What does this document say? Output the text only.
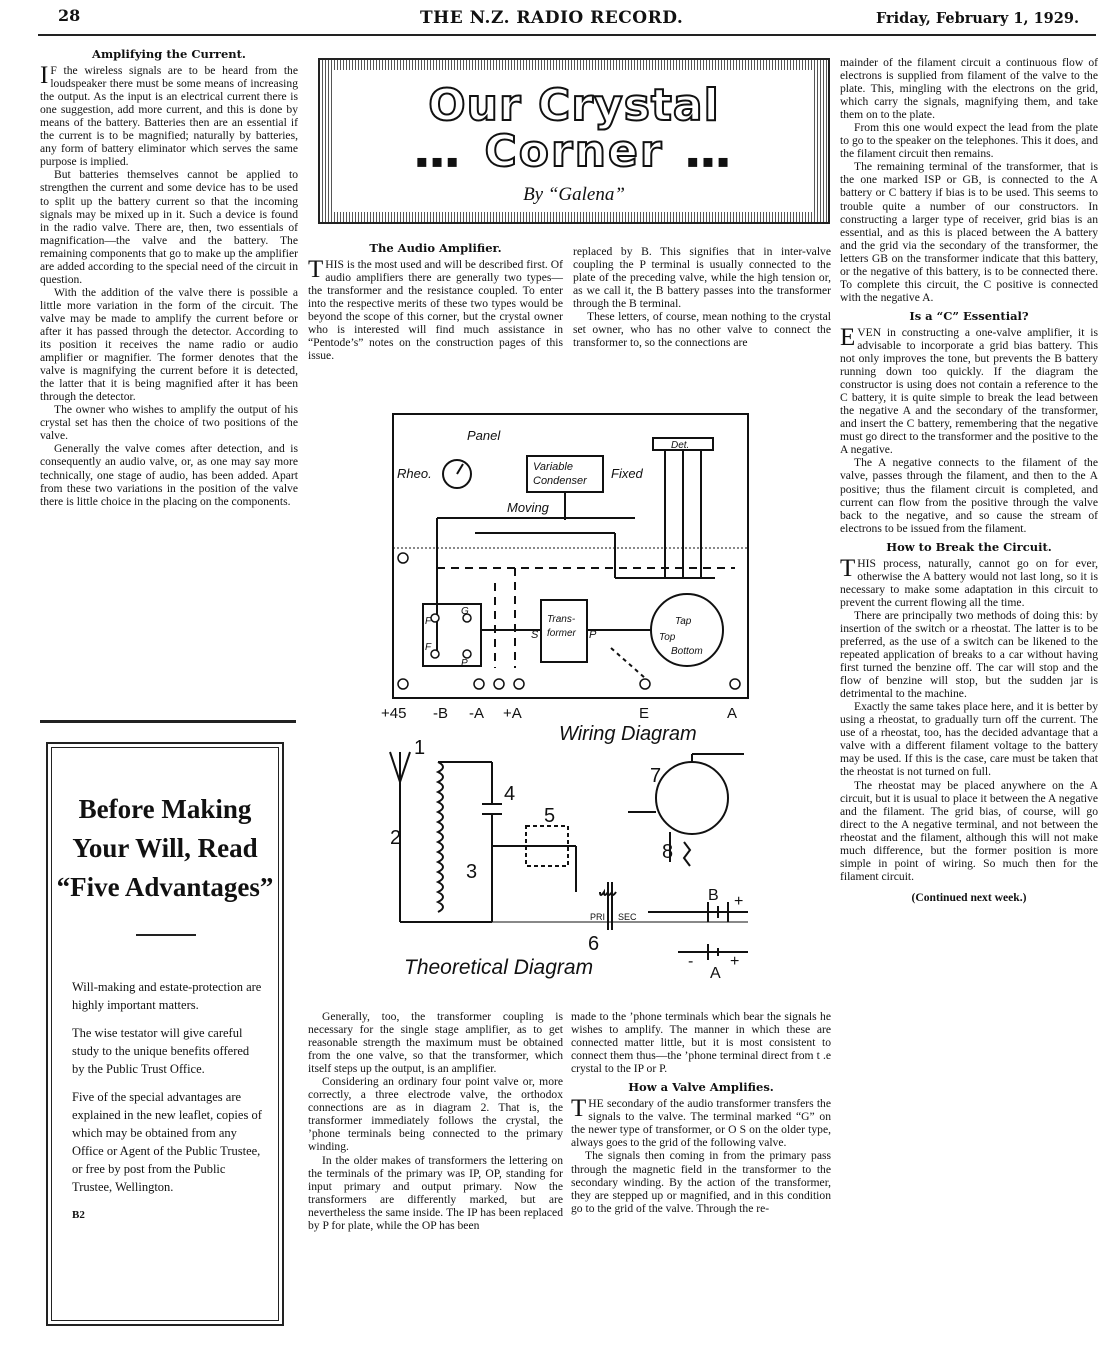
28	THE N.Z. RADIO RECORD.	Friday, February 1, 1929.
Amplifying the Current.

I F the wireless signals are to be heard from the loudspeaker there must be some means of increasing the output. As the input is an electrical current there is one suggestion, add more current, and this is done by means of the battery. Batteries then are an essential if the current is to be magnified; naturally by batteries, any form of battery eliminator which serves the same purpose is implied.

But batteries themselves cannot be applied to strengthen the current and some device has to be used to split up the battery current so that the incoming signals may be mixed up in it. Such a device is found in the radio valve. There are, then, two essentials of magnification—the valve and the battery. The remaining components that go to make up the amplifier are added according to the special need of the circuit in question.

With the addition of the valve there is possible a little more variation in the form of the circuit. The valve may be made to amplify the current before or after it has passed through the detector. According to its position it receives the name radio or audio amplifier or magnifier. The former denotes that the valve is magnifying the current before it is detected, the latter that it is being magnified after it has been through the detector.

The owner who wishes to amplify the output of his crystal set has then the choice of two positions of the valve.

Generally the valve comes after detection, and is consequently an audio valve, or, as one may say more technically, one stage of audio, has been added. Apart from these two variations in the position of the valve there is little choice in the placing on the components.

Before Making
Your Will, Read
“Five Advantages”
Will-making and estate-protection are highly important matters.
The wise testator will give careful study to the unique benefits offered by the Public Trust Office.
Five of the special advantages are explained in the new leaflet, copies of which may be obtained from any Office or Agent of the Public Trustee, or free by post from the Public Trustee, Wellington.
B2
Our Crystal
▪▪▪ Corner ▪▪▪
By “Galena”
The Audio Amplifier.

THIS is the most used and will be described first. Of audio amplifiers there are generally two types—the transformer and the resistance coupled. To enter into the respective merits of these two types would be beyond the scope of this corner, but the crystal owner who is interested will find much assistance in “Pentode’s” notes on the construction pages of this issue.

replaced by B. This signifies that in inter-valve coupling the P terminal is usually connected to the plate of the preceding valve, while the high tension or, as we call it, the B battery passes into the transformer through the B terminal.

These letters, of course, mean nothing to the crystal set owner, who has no other valve to connect the transformer to, so the connections are

Panel
Rheo.	Variable
Condenser Fixed
Moving
Det.
G
F
F
P
S
Trans-
former P
Tap
Top
Bottom
+45 -B -A +A	E	A
Wiring Diagram
1
2
3
4
5
6
7
8
PRI SEC
B +
A
+
-
Theoretical Diagram

Generally, too, the transformer coupling is necessary for the single stage amplifier, as to get reasonable strength the maximum must be obtained from the one valve, so that the transformer, which itself steps up the output, is an amplifier.

Considering an ordinary four point valve or, more correctly, a three electrode valve, the orthodox connections are as in diagram 2. That is, the transformer immediately follows the crystal, the ’phone terminals being connected to the primary winding.

In the older makes of transformers the lettering on the terminals of the primary was IP, OP, standing for input primary and output primary. Now the transformers are differently marked, but are nevertheless the same inside. The IP has been replaced by P for plate, while the OP has been

made to the ’phone terminals which bear the signals he wishes to amplify. The manner in which these are connected matter little, but it is most consistent to connect them thus—the ’phone terminal direct from t .e crystal to the IP or P.

How a Valve Amplifies.

THE secondary of the audio transformer transfers the signals to the valve. The terminal marked “G” on the newer type of transformer, or O S on the older type, always goes to the grid of the following valve.

The signals then coming in from the primary pass through the magnetic field in the transformer to the secondary winding. By the action of the transformer, they are stepped up or magnified, and in this condition go to the grid of the valve. Through the re-

mainder of the filament circuit a continuous flow of electrons is supplied from filament of the valve to the plate. This, mingling with the electrons on the grid, which carry the signals, magnifying them, and take them on to the plate.

From this one would expect the lead from the plate to go to the speaker on the telephones. This it does, and the filament circuit then remains.

The remaining terminal of the transformer, that is the one marked ISP or GB, is connected to the A battery or C battery if bias is to be used. This seems to trouble quite a number of our constructors. In constructing a larger type of receiver, grid bias is an essential, and as this is placed between the A battery and the grid via the secondary of the transformer, the letters GB on the transformer indicate that this battery, or the negative of this battery, is to be connected there. To complete this circuit, the C positive is connected with the negative A.

Is a “C” Essential?

EVEN in constructing a one-valve amplifier, it is advisable to incorporate a grid bias battery. This not only improves the tone, but prevents the B battery running down too quickly. If the diagram the constructor is using does not contain a reference to the C battery, it is quite simple to break the lead between the negative A and the secondary of the transformer, and insert the C battery, remembering that the negative must go direct to the transformer and the positive to the A negative.

The A negative connects to the filament of the valve, passes through the filament, and then to the A positive; thus the filament circuit is completed, and current can flow from the positive through the valve back to the negative, and so cause the stream of electrons to be issued from the filament.

How to Break the Circuit.

THIS process, naturally, cannot go on for ever, otherwise the A battery would not last long, so it is necessary to make some adaptation in this circuit to prevent the current flowing all the time.

There are principally two methods of doing this: by insertion of the switch or a rheostat. The latter is to be preferred, as the use of a switch can be likened to the repeated application of breaks to a car without having first turned the benzine off. The car will stop and the flow of benzine will stop, but the sudden jar is detrimental to the machine.

Exactly the same takes place here, and it is better by using a rheostat, to gradually turn off the current. The use of a rheostat, too, has the decided advantage that a valve with a different filament voltage to the battery may be used. If this is the case, care must be taken that the rheostat is not turned on full.

The rheostat may be placed anywhere on the A circuit, but it is usual to place it between the A negative and the filament. The grid bias, of course, will go direct to the A negative terminal, and not between the rheostat and the filament, although this will not make much difference, but the former position is more simple in point of wiring. So much then for the filament circuit.

(Continued next week.)
